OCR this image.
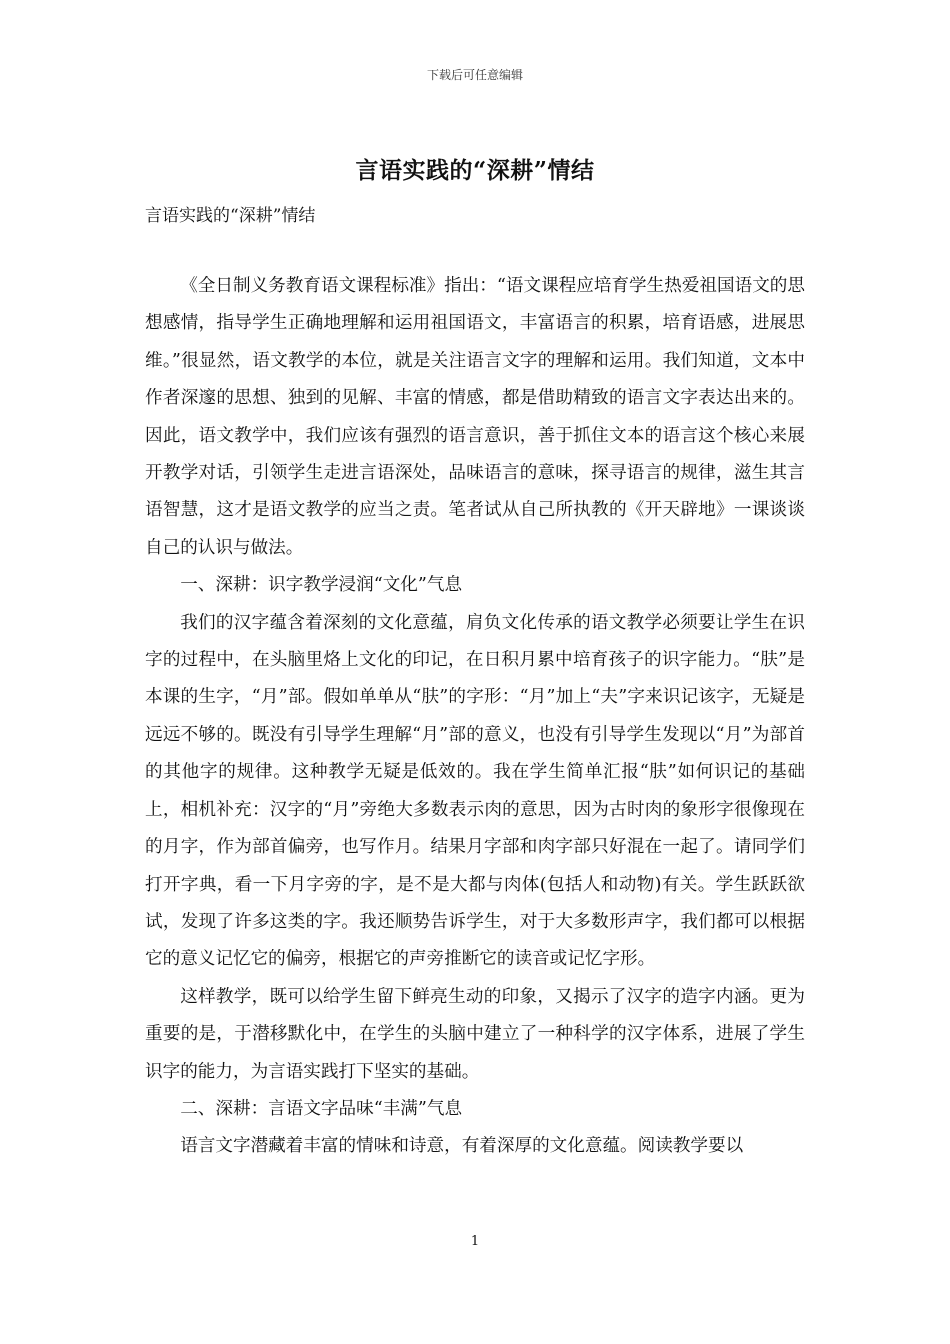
下载后可任意编辑
言语实践的“深耕”情结
言语实践的“深耕”情结

《全日制义务教育语文课程标准》指出：“语文课程应培育学生热爱祖国语文的思想感情，指导学生正确地理解和运用祖国语文，丰富语言的积累，培育语感，进展思维。”很显然，语文教学的本位，就是关注语言文字的理解和运用。我们知道，文本中作者深邃的思想、独到的见解、丰富的情感，都是借助精致的语言文字表达出来的。因此，语文教学中，我们应该有强烈的语言意识，善于抓住文本的语言这个核心来展开教学对话，引领学生走进言语深处，品味语言的意味，探寻语言的规律，滋生其言语智慧，这才是语文教学的应当之责。笔者试从自己所执教的《开天辟地》一课谈谈自己的认识与做法。

一、深耕：识字教学浸润“文化”气息

我们的汉字蕴含着深刻的文化意蕴，肩负文化传承的语文教学必须要让学生在识字的过程中，在头脑里烙上文化的印记，在日积月累中培育孩子的识字能力。“肤”是本课的生字，“月”部。假如单单从“肤”的字形：“月”加上“夫”字来识记该字，无疑是远远不够的。既没有引导学生理解“月”部的意义，也没有引导学生发现以“月”为部首的其他字的规律。这种教学无疑是低效的。我在学生简单汇报“肤”如何识记的基础上，相机补充：汉字的“月”旁绝大多数表示肉的意思，因为古时肉的象形字很像现在的月字，作为部首偏旁，也写作月。结果月字部和肉字部只好混在一起了。请同学们打开字典，看一下月字旁的字，是不是大都与肉体(包括人和动物)有关。学生跃跃欲试，发现了许多这类的字。我还顺势告诉学生，对于大多数形声字，我们都可以根据它的意义记忆它的偏旁，根据它的声旁推断它的读音或记忆字形。

这样教学，既可以给学生留下鲜亮生动的印象，又揭示了汉字的造字内涵。更为重要的是，于潜移默化中，在学生的头脑中建立了一种科学的汉字体系，进展了学生识字的能力，为言语实践打下坚实的基础。

二、深耕：言语文字品味“丰满”气息

语言文字潜藏着丰富的情味和诗意，有着深厚的文化意蕴。阅读教学要以

1
